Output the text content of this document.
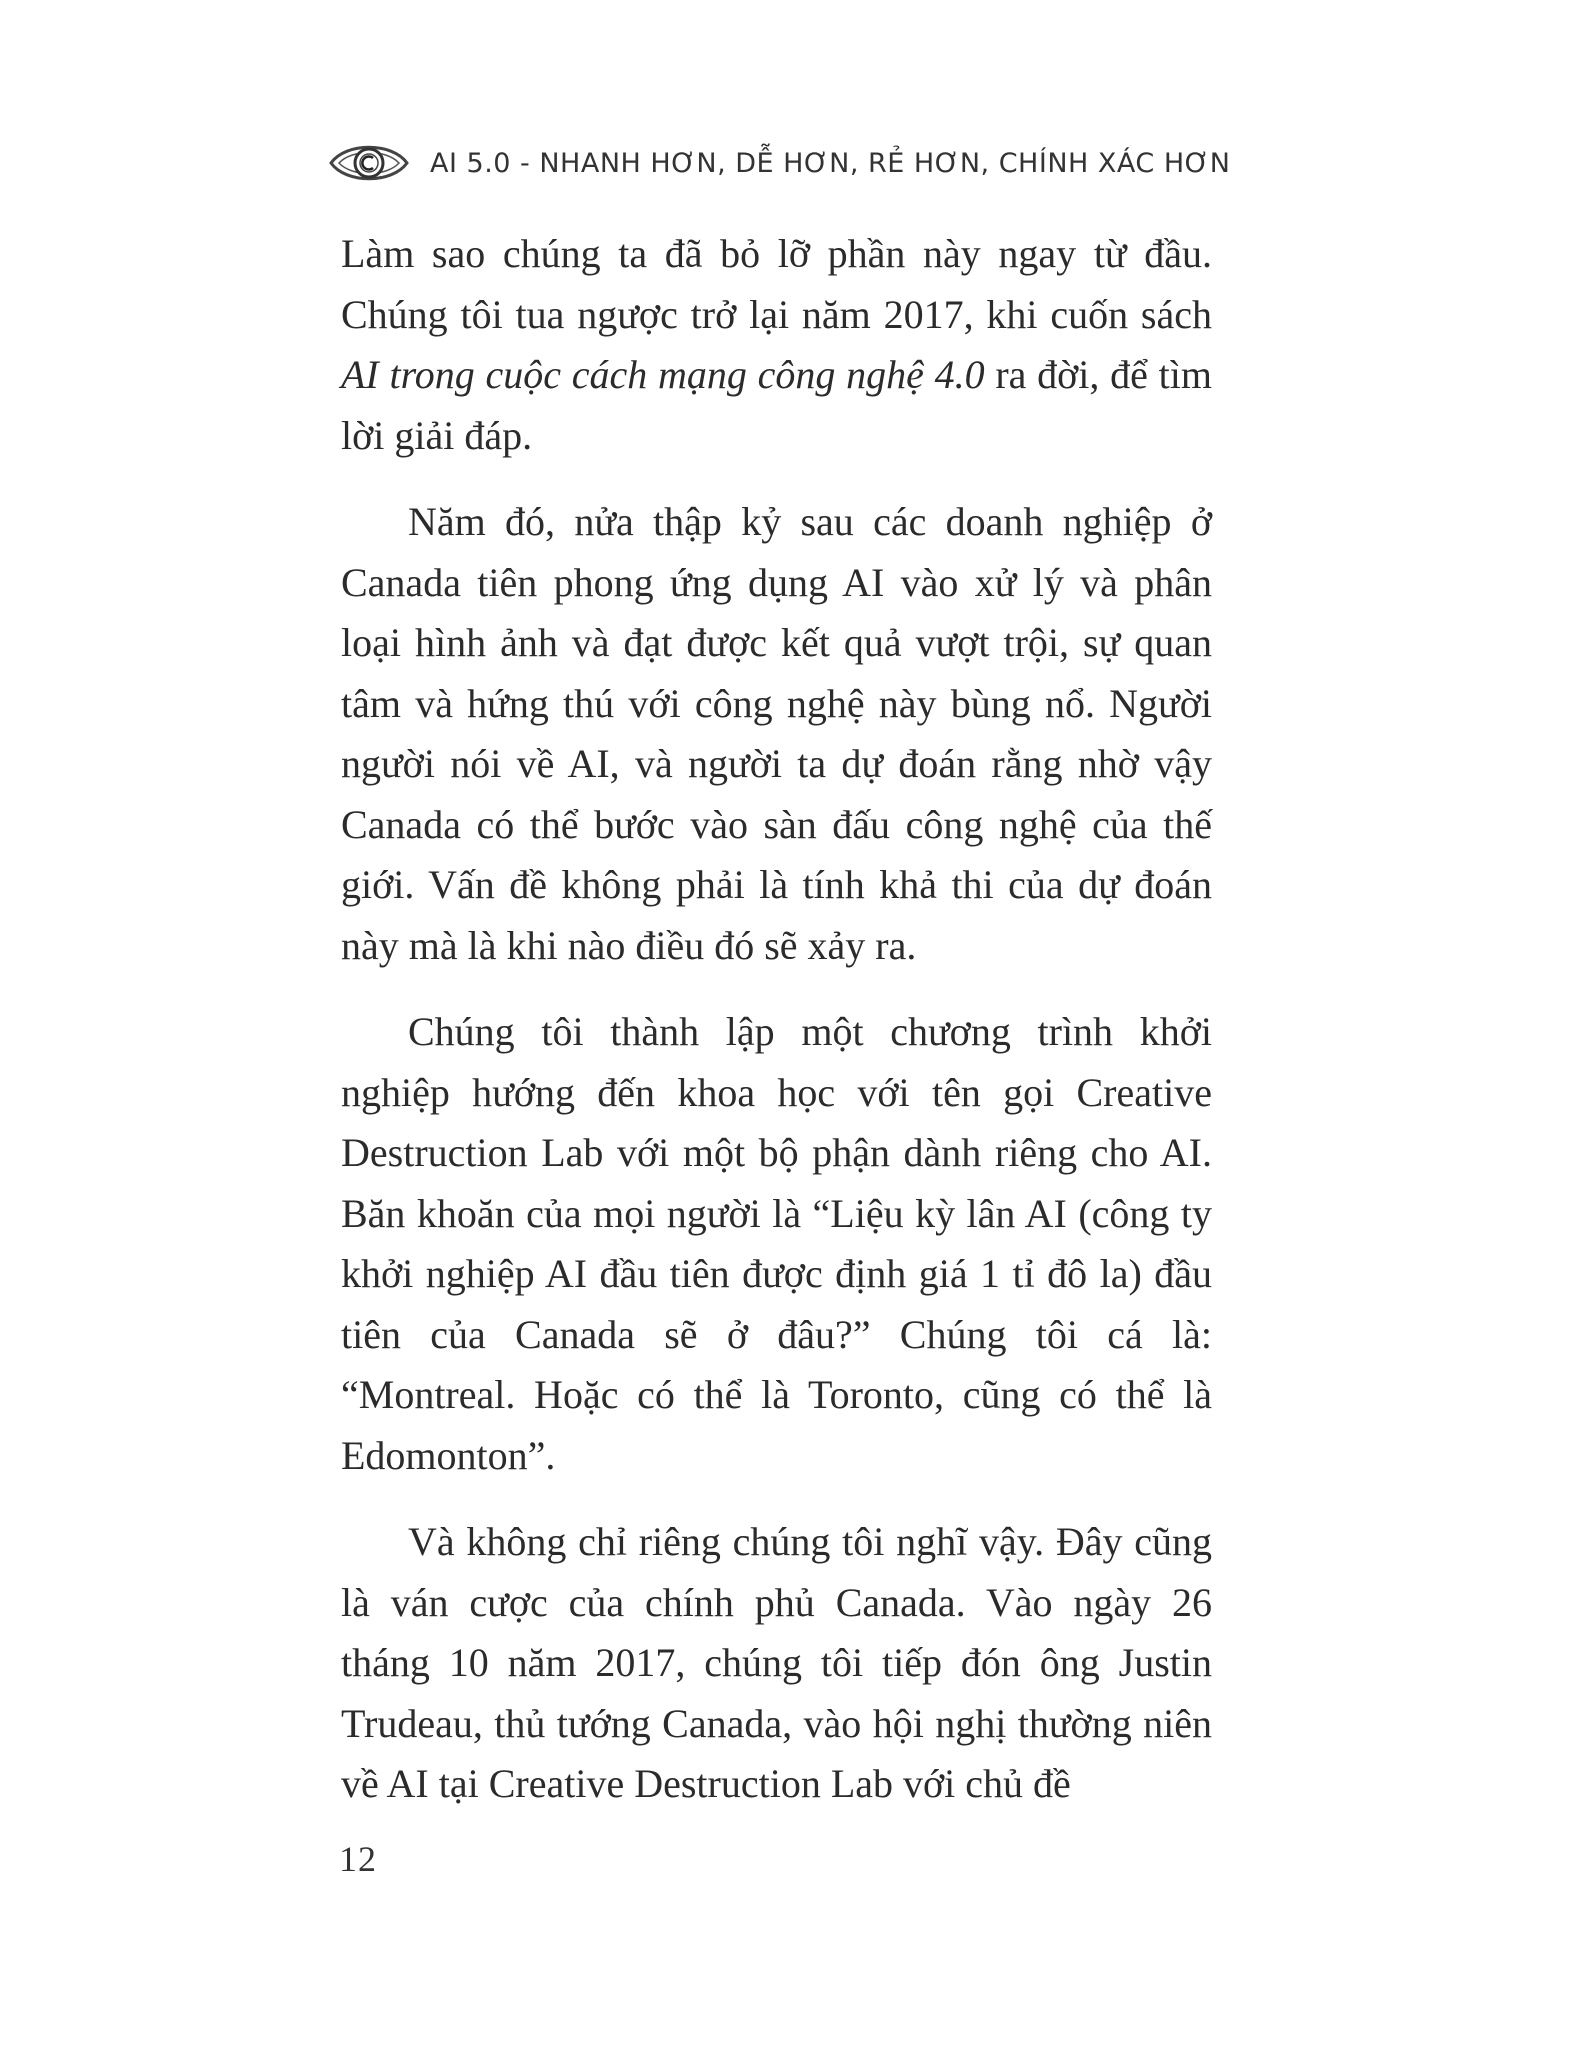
AI 5.0 - NHANH HƠN, DỄ HƠN, RẺ HƠN, CHÍNH XÁC HƠN

Làm sao chúng ta đã bỏ lỡ phần này ngay từ đầu. Chúng tôi tua ngược trở lại năm 2017, khi cuốn sách AI trong cuộc cách mạng công nghệ 4.0 ra đời, để tìm lời giải đáp.

Năm đó, nửa thập kỷ sau các doanh nghiệp ở Canada tiên phong ứng dụng AI vào xử lý và phân loại hình ảnh và đạt được kết quả vượt trội, sự quan tâm và hứng thú với công nghệ này bùng nổ. Người người nói về AI, và người ta dự đoán rằng nhờ vậy Canada có thể bước vào sàn đấu công nghệ của thế giới. Vấn đề không phải là tính khả thi của dự đoán này mà là khi nào điều đó sẽ xảy ra.

Chúng tôi thành lập một chương trình khởi nghiệp hướng đến khoa học với tên gọi Creative Destruction Lab với một bộ phận dành riêng cho AI. Băn khoăn của mọi người là “Liệu kỳ lân AI (công ty khởi nghiệp AI đầu tiên được định giá 1 tỉ đô la) đầu tiên của Canada sẽ ở đâu?” Chúng tôi cá là: “Montreal. Hoặc có thể là Toronto, cũng có thể là Edomonton”.

Và không chỉ riêng chúng tôi nghĩ vậy. Đây cũng là ván cược của chính phủ Canada. Vào ngày 26 tháng 10 năm 2017, chúng tôi tiếp đón ông Justin Trudeau, thủ tướng Canada, vào hội nghị thường niên về AI tại Creative Destruction Lab với chủ đề

12
